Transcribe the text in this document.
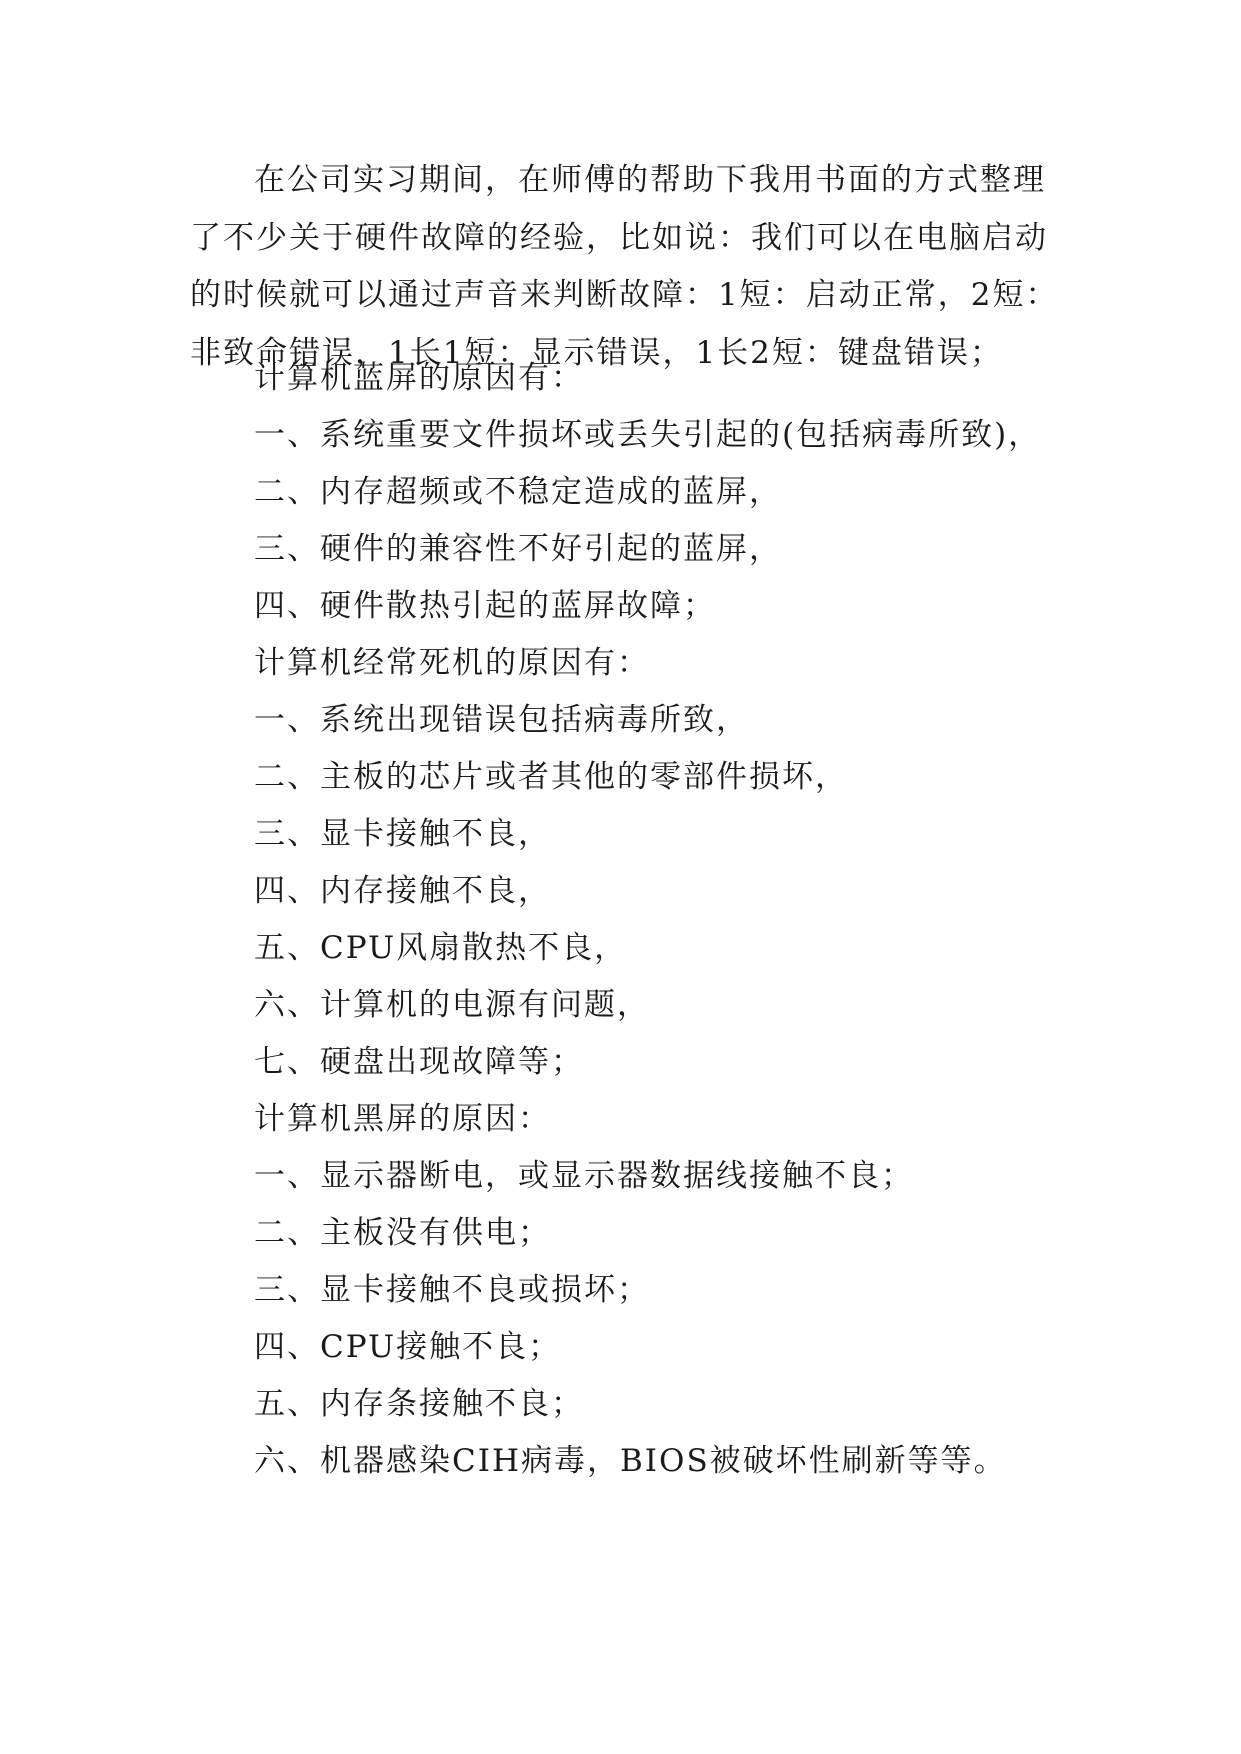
在公司实习期间，在师傅的帮助下我用书面的方式整理了不少关于硬件故障的经验，比如说：我们可以在电脑启动的时候就可以通过声音来判断故障：1短：启动正常，2短：非致命错误，1长1短：显示错误，1长2短：键盘错误；

计算机蓝屏的原因有：

一、系统重要文件损坏或丢失引起的(包括病毒所致)，

二、内存超频或不稳定造成的蓝屏，

三、硬件的兼容性不好引起的蓝屏，

四、硬件散热引起的蓝屏故障；

计算机经常死机的原因有：

一、系统出现错误包括病毒所致，

二、主板的芯片或者其他的零部件损坏，

三、显卡接触不良，

四、内存接触不良，

五、CPU风扇散热不良，

六、计算机的电源有问题，

七、硬盘出现故障等；

计算机黑屏的原因：

一、显示器断电，或显示器数据线接触不良；

二、主板没有供电；

三、显卡接触不良或损坏；

四、CPU接触不良；

五、内存条接触不良；

六、机器感染CIH病毒，BIOS被破坏性刷新等等。
